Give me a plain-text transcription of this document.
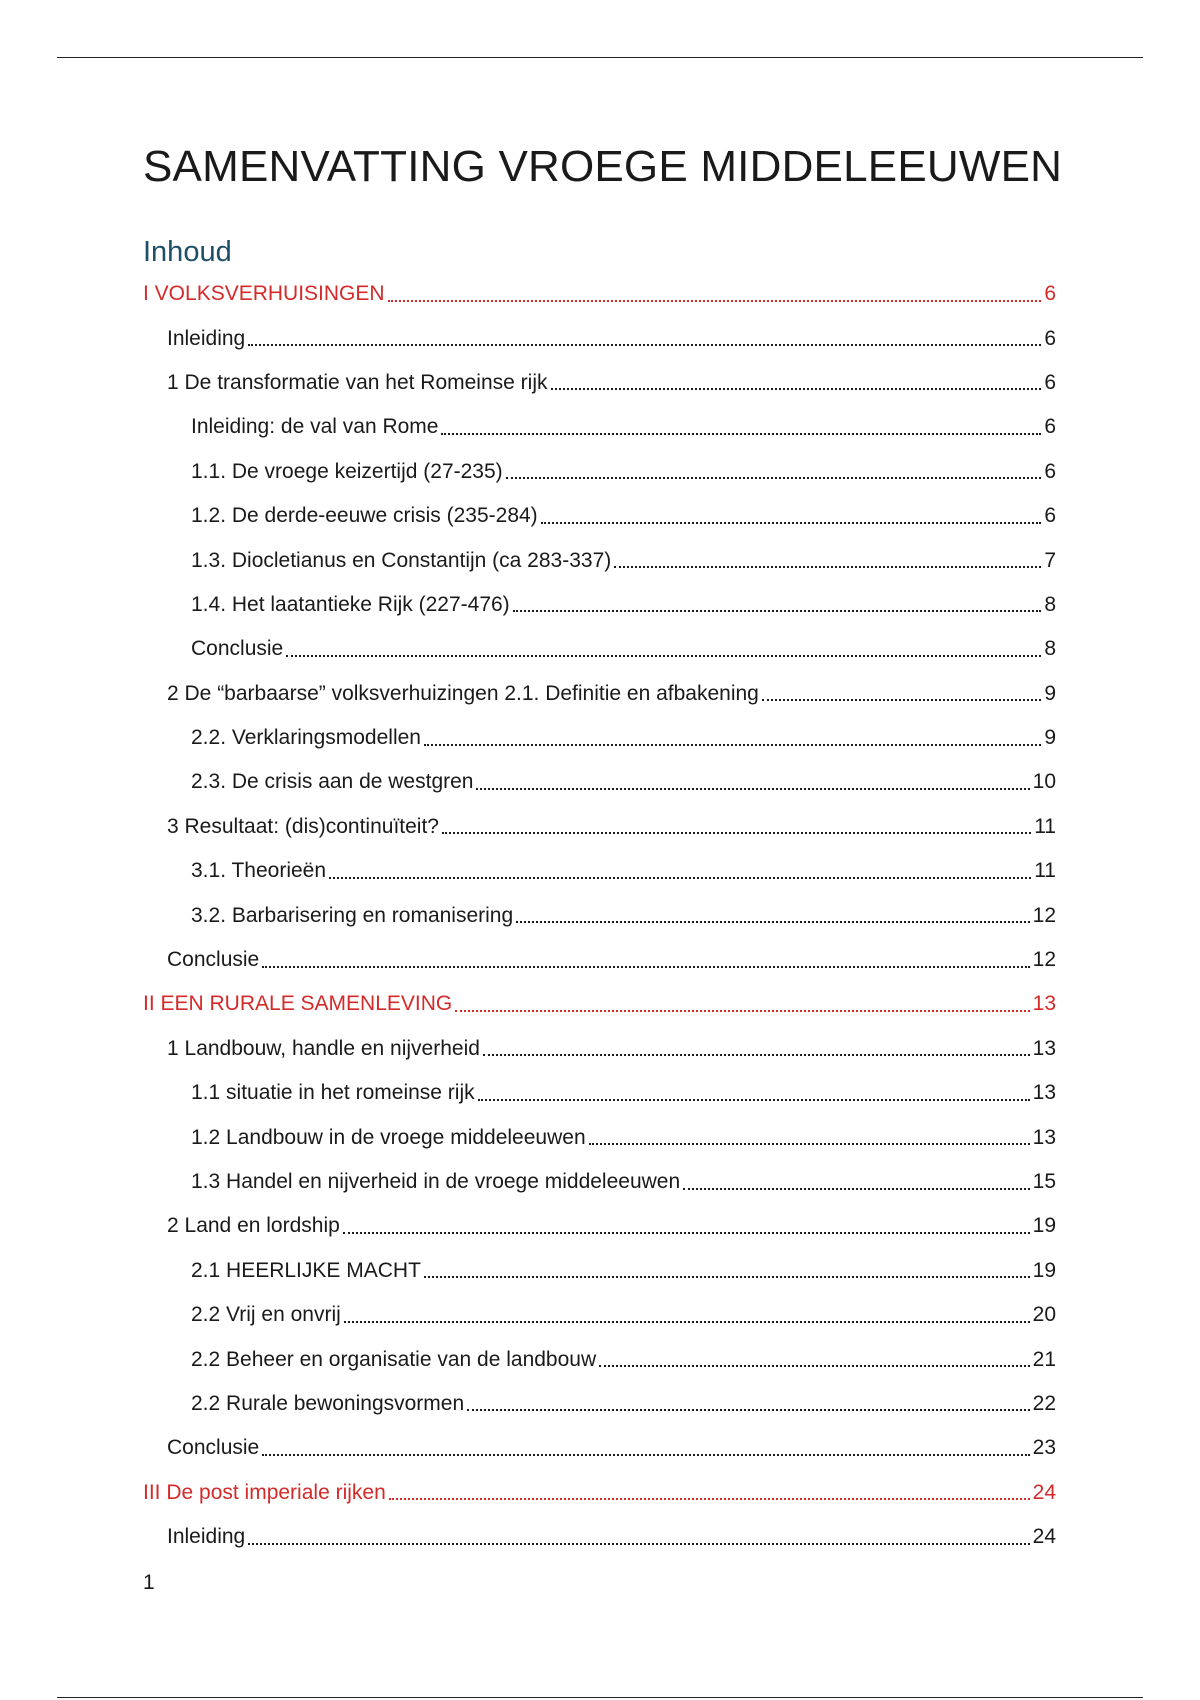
SAMENVATTING VROEGE MIDDELEEUWEN
Inhoud
I VOLKSVERHUISINGEN	6
Inleiding	6
1 De transformatie van het Romeinse rijk	6
Inleiding: de val van Rome	6
1.1. De vroege keizertijd (27-235)	6
1.2. De derde-eeuwe crisis (235-284)	6
1.3. Diocletianus en Constantijn (ca 283-337)	7
1.4. Het laatantieke Rijk (227-476)	8
Conclusie	8
2 De “barbaarse” volksverhuizingen 2.1. Definitie en afbakening	9
2.2. Verklaringsmodellen	9
2.3. De crisis aan de westgren	10
3 Resultaat: (dis)continuïteit?	11
3.1. Theorieën	11
3.2. Barbarisering en romanisering	12
Conclusie	12
II EEN RURALE SAMENLEVING	13
1 Landbouw, handle en nijverheid	13
1.1 situatie in het romeinse rijk	13
1.2 Landbouw in de vroege middeleeuwen	13
1.3 Handel en nijverheid in de vroege middeleeuwen	15
2 Land en lordship	19
2.1 HEERLIJKE MACHT	19
2.2 Vrij en onvrij	20
2.2 Beheer en organisatie van de landbouw	21
2.2 Rurale bewoningsvormen	22
Conclusie	23
III De post imperiale rijken	24
Inleiding	24
1
